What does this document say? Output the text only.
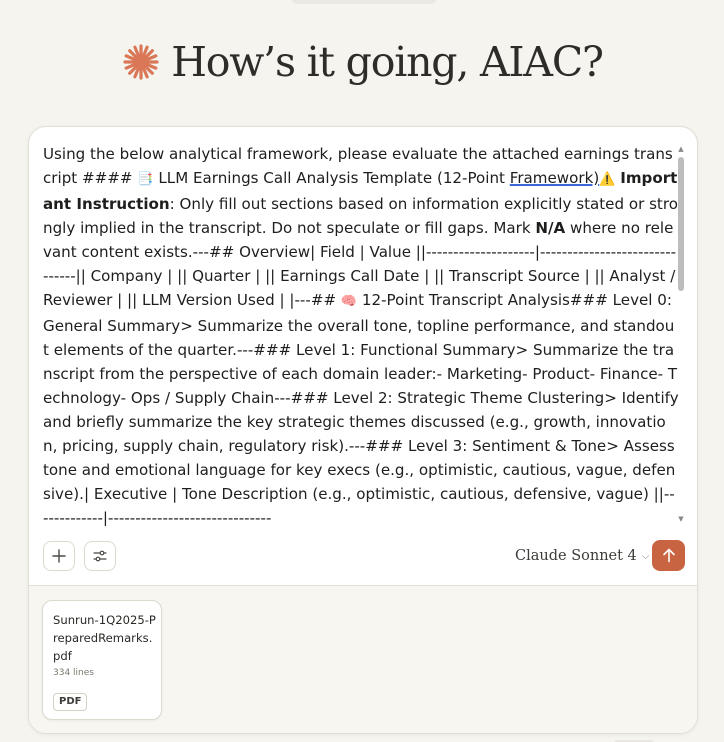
How’s it going, AIAC?
Using the below analytical framework, please evaluate the attached earnings transcript #### 📑 LLM Earnings Call Analysis Template (12-Point Framework)⚠️ Important Instruction: Only fill out sections based on information explicitly stated or strongly implied in the transcript. Do not speculate or fill gaps. Mark N/A where no relevant content exists.---## Overview| Field | Value ||--------------------|-------------------------------|| Company | || Quarter | || Earnings Call Date | || Transcript Source | || Analyst / Reviewer | || LLM Version Used | |---## 🧠 12-Point Transcript Analysis### Level 0: General Summary> Summarize the overall tone, topline performance, and standout elements of the quarter.---### Level 1: Functional Summary> Summarize the transcript from the perspective of each domain leader:- Marketing- Product- Finance- Technology- Ops / Supply Chain---### Level 2: Strategic Theme Clustering> Identify and briefly summarize the key strategic themes discussed (e.g., growth, innovation, pricing, supply chain, regulatory risk).---### Level 3: Sentiment & Tone> Assess tone and emotional language for key execs (e.g., optimistic, cautious, vague, defensive).| Executive | Tone Description (e.g., optimistic, cautious, defensive, vague) ||-------------|------------------------------
▲
▼
Claude Sonnet 4 ⌵
Sunrun-1Q2025-PreparedRemarks.pdf
334 lines
PDF
